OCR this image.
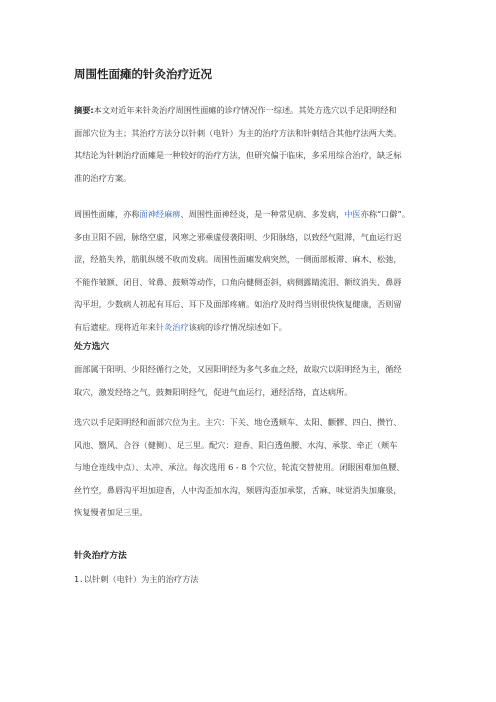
周围性面瘫的针灸治疗近况
摘要:本文对近年来针灸治疗周围性面瘫的诊疗情况作一综述。其处方选穴以手足阳明经和
面部穴位为主；其治疗方法分以针刺（电针）为主的治疗方法和针刺结合其他疗法两大类。
其结论为针刺治疗面瘫是一种较好的治疗方法，但研究偏于临床，多采用综合治疗，缺乏标
准的治疗方案。
周围性面瘫，亦称面神经麻痹、周围性面神经炎，是一种常见病、多发病，中医亦称“口僻”。
多由卫阳不固，脉络空虚，风寒之邪乘虚侵袭阳明、少阳脉络，以致经气阻滞，气血运行迟
涩，经筋失养，筋肌纵缓不收而发病。周围性面瘫发病突然，一侧面部板滞、麻木、松弛，
不能作皱额、闭目、耸鼻、鼓颊等动作，口角向健侧歪斜，病侧露睛流泪、额纹消失、鼻唇
沟平坦，少数病人初起有耳后、耳下及面部疼痛。如治疗及时得当则很快恢复健康，否则留
有后遗症。现将近年来针灸治疗该病的诊疗情况综述如下。
处方选穴
面部属于阳明、少阳经循行之处，又因阳明经为多气多血之经，故取穴以阳明经为主，循经
取穴，激发经络之气，鼓舞阳明经气，促进气血运行，通经活络，直达病所。
选穴以手足阳明经和面部穴位为主。主穴：下关、地仓透颊车、太阳、颧髎、四白、攒竹、
风池、翳风、合谷（健侧）、足三里。配穴：迎香、阳白透鱼腰、水沟、承浆、牵正（颊车
与地仓连线中点）、太冲、承泣。每次选用 6 - 8 个穴位，轮流交替使用。闭眼困难加鱼腰、
丝竹空，鼻唇沟平坦加迎香，人中沟歪加水沟，颏唇沟歪加承浆，舌麻、味觉消失加廉泉，
恢复慢者加足三里。
针灸治疗方法
1.以针刺（电针）为主的治疗方法
